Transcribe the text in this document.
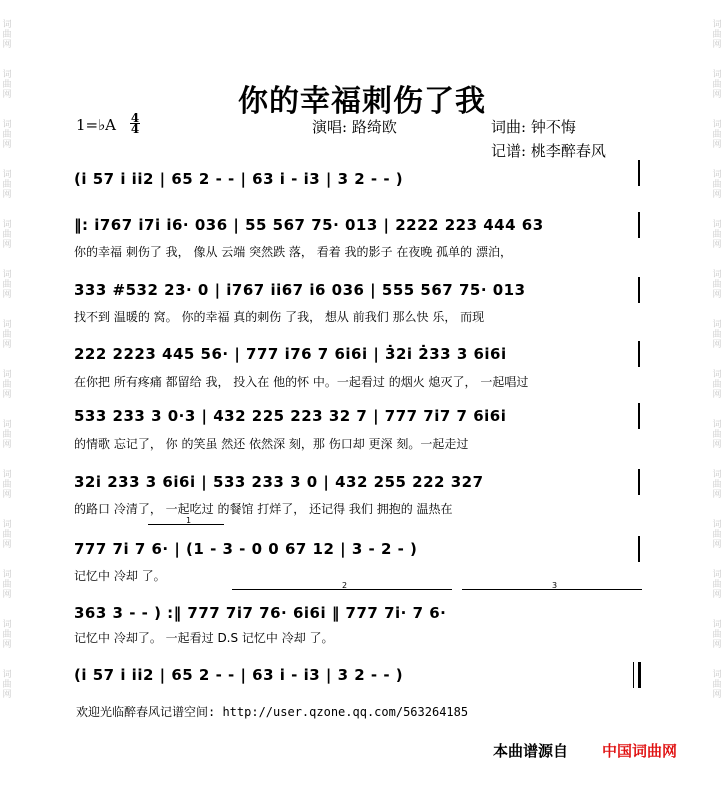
词
曲
网
词
曲
网
词
曲
网
词
曲
网
词
曲
网
词
曲
网
词
曲
网
词
曲
网
词
曲
网
词
曲
网
词
曲
网
词
曲
网
词
曲
网
词
曲
网
词
曲
网
词
曲
网
词
曲
网
词
曲
网
词
曲
网
词
曲
网
词
曲
网
词
曲
网
词
曲
网
词
曲
网
词
曲
网
词
曲
网
词
曲
网
词
曲
网
你的幸福刺伤了我
1=♭A 4
4	演唱: 路绮欧	词曲: 钟不悔
记谱: 桃李醉春风
(i 57 i ii2 | 65 2 - - | 63 i - i3 | 3 2 - - )
‖: i767 i7i i6· 036 | 55 567 75· 013 | 2222 223 444 63
你的幸福 刺伤了 我， 像从 云端 突然跌 落， 看着 我的影子 在夜晚 孤单的 漂泊，
333 #532 23· 0 | i767 ii67 i6 036 | 555 567 75· 013
找不到 温暖的 窝。 你的幸福 真的刺伤 了我， 想从 前我们 那么快 乐， 而现
222 2223 445 56· | 777 i76 7 6i6i | 3̇2i 2̇33 3 6i6i
在你把 所有疼痛 都留给 我， 投入在 他的怀 中。一起看过 的烟火 熄灭了， 一起唱过
533 233 3 0·3 | 432 225 223 32 7 | 777 7i7 7 6i6i
的情歌 忘记了， 你 的笑虽 然还 依然深 刻，那 伤口却 更深 刻。一起走过
32i 233 3 6i6i | 533 233 3 0 | 432 255 222 327
的路口 冷清了， 一起吃过 的餐馆 打烊了， 还记得 我们 拥抱的 温热在
1
777 7i 7 6· | (1 - 3 - 0 0 67 12 | 3 - 2 - )
记忆中 冷却 了。
2	3
363 3 - - ) :‖ 777 7i7 76· 6i6i ‖ 777 7i· 7 6·
记忆中 冷却了。 一起看过 D.S 记忆中 冷却 了。
(i 57 i ii2 | 65 2 - - | 63 i - i3 | 3 2 - - )
欢迎光临醉春风记谱空间: http://user.qzone.qq.com/563264185
本曲谱源自 中国词曲网
